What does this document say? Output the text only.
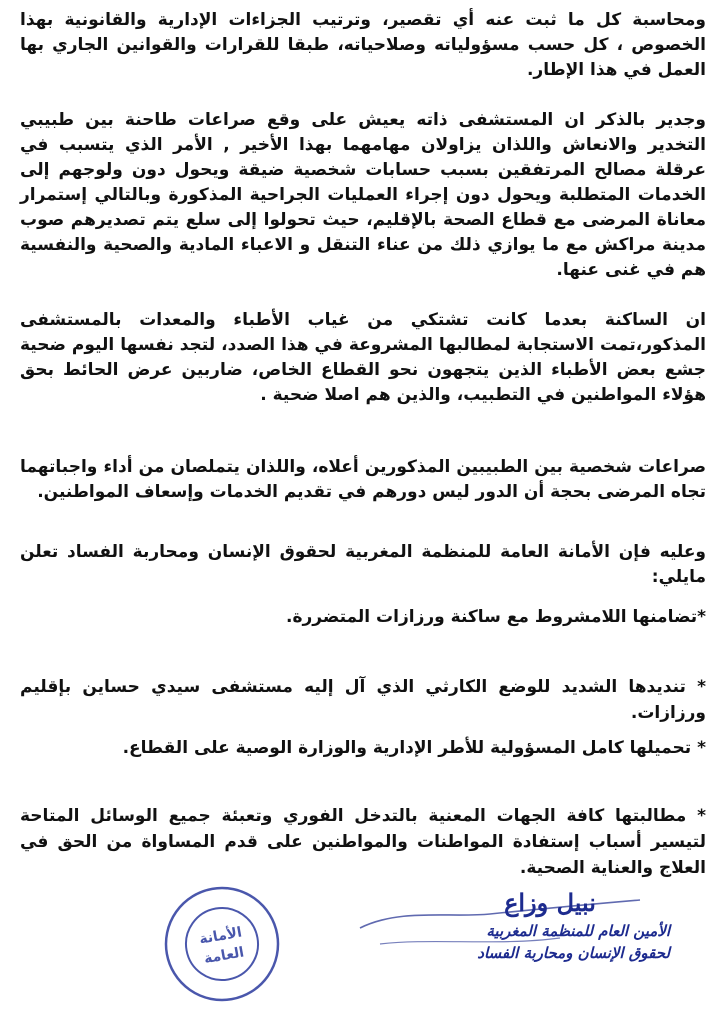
ومحاسبة كل ما ثبت عنه أي تقصير، وترتيب الجزاءات الإدارية والقانونية بهذا الخصوص ، كل حسب مسؤولياته وصلاحياته، طبقا للقرارات والقوانين الجاري بها العمل في هذا الإطار.
وجدير بالذكر ان المستشفى ذاته يعيش على وقع صراعات طاحنة بين طبيبي التخدير والانعاش واللذان يزاولان مهامهما بهذا الأخير , الأمر الذي يتسبب في عرقلة مصالح المرتفقين بسبب حسابات شخصية ضيقة ويحول دون ولوجهم إلى الخدمات المتطلبة ويحول دون إجراء العمليات الجراحية المذكورة وبالتالي إستمرار معاناة المرضى مع قطاع الصحة بالإقليم، حيث تحولوا إلى سلع يتم تصديرهم صوب مدينة مراكش مع ما يوازي ذلك من عناء التنقل و الاعباء المادية والصحية والنفسية هم في غنى عنها.
ان الساكنة بعدما كانت تشتكي من غياب الأطباء والمعدات بالمستشفى المذكور،تمت الاستجابة لمطالبها المشروعة في هذا الصدد، لتجد نفسها اليوم ضحية جشع بعض الأطباء الذين يتجهون نحو القطاع الخاص، ضاربين عرض الحائط بحق هؤلاء المواطنين في التطبيب، والذين هم اصلا ضحية .
صراعات شخصية بين الطبيبين المذكورين أعلاه، واللذان يتملصان من أداء واجباتهما تجاه المرضى بحجة أن الدور ليس دورهم في تقديم الخدمات وإسعاف المواطنين.
وعليه فإن الأمانة العامة للمنظمة المغربية لحقوق الإنسان ومحاربة الفساد تعلن مايلي:
*تضامنها اللامشروط مع ساكنة ورزازات المتضررة.
* تنديدها الشديد للوضع الكارثي الذي آل إليه مستشفى سيدي حساين بإقليم ورزازات.
* تحميلها كامل المسؤولية للأطر الإدارية والوزارة الوصية على القطاع.
* مطالبتها كافة الجهات المعنية بالتدخل الفوري وتعبئة جميع الوسائل المتاحة لتيسير أسباب إستفادة المواطنات والمواطنين على قدم المساواة من الحق في العلاج والعناية الصحية.
الأمانة
العامة
نبيل وزاع
الأمين العام للمنظمة المغربية
لحقوق الإنسان ومحاربة الفساد
